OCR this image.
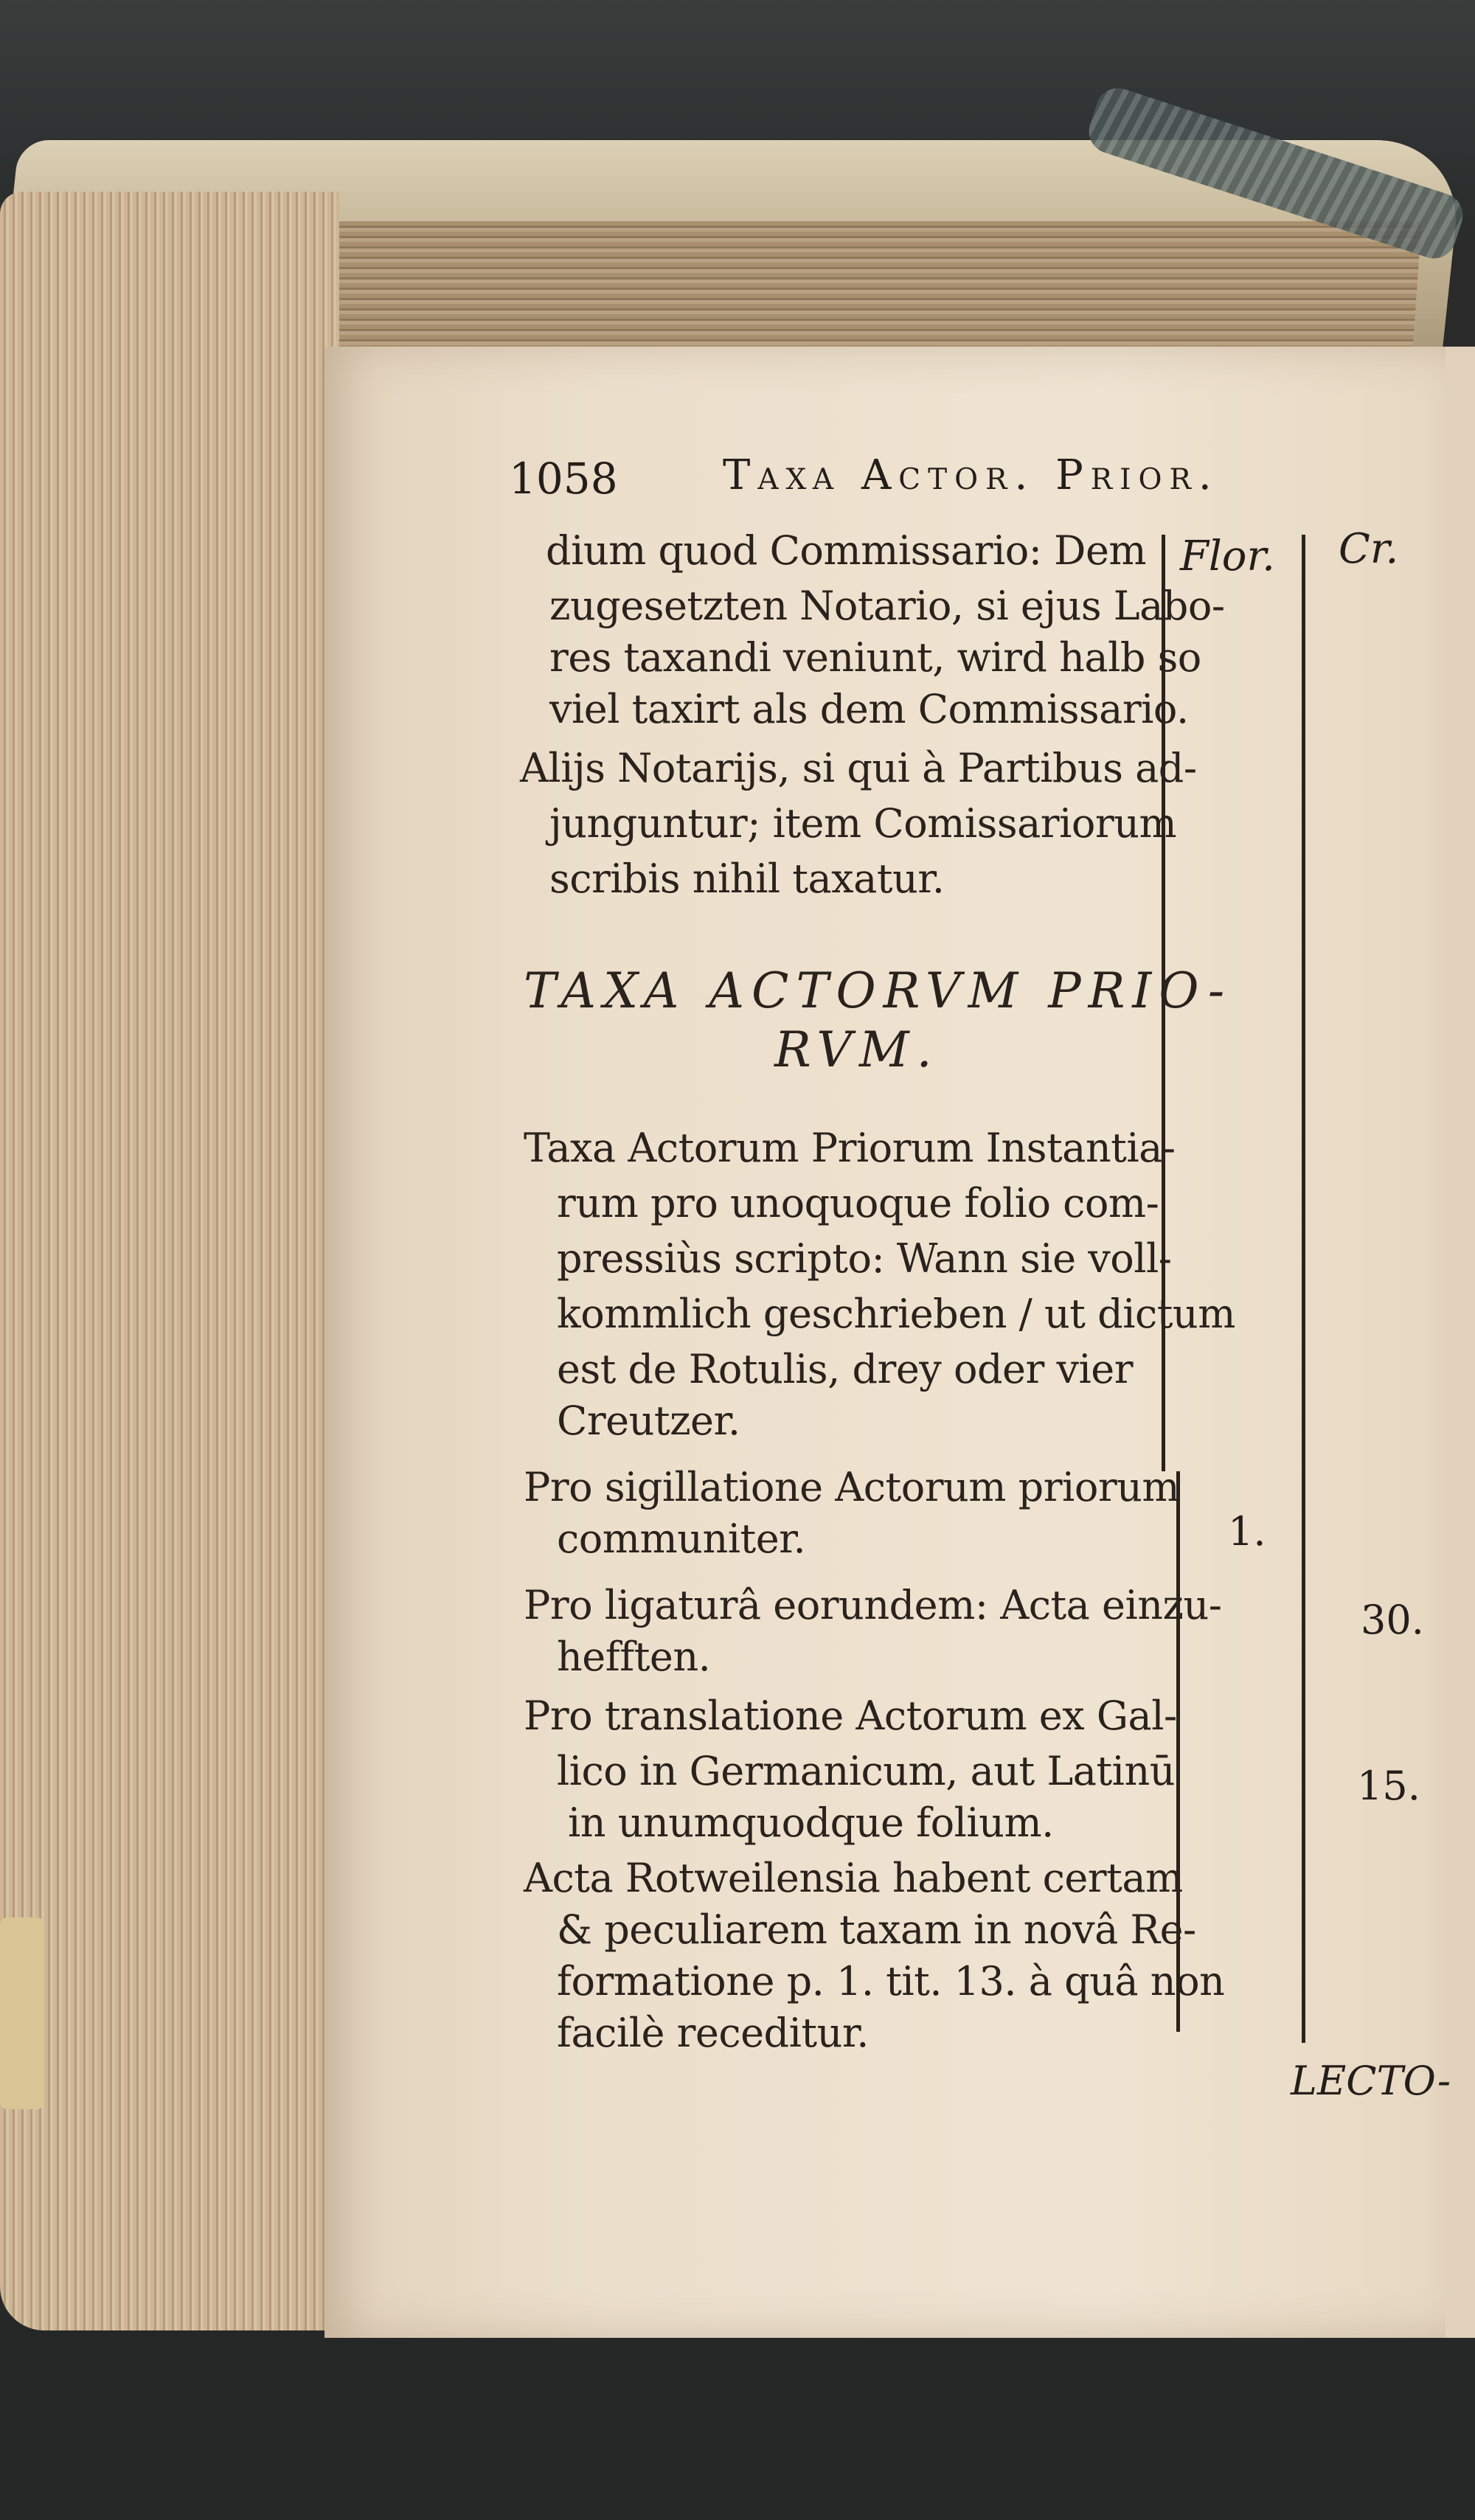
1058	Taxa Actor. Prior.
Flor. Cr.
dium quod Commissario: Dem
zugesetzten Notario, si ejus Labo-
res taxandi veniunt, wird halb so
viel taxirt als dem Commissario.
Alijs Notarijs, si qui à Partibus ad-
junguntur; item Comissariorum
scribis nihil taxatur.
TAXA ACTORVM PRIO-
RVM.
Taxa Actorum Priorum Instantia-
rum pro unoquoque folio com-
pressiùs scripto: Wann sie voll-
kommlich geschrieben / ut dictum
est de Rotulis, drey oder vier
Creutzer.
Pro sigillatione Actorum priorum
communiter.	1.
Pro ligaturâ eorundem: Acta einzu-
hefften.
30.
Pro translatione Actorum ex Gal-
lico in Germanicum, aut Latinū
in unumquodque folium.
15.
Acta Rotweilensia habent certam
& peculiarem taxam in novâ Re-
formatione p. 1. tit. 13. à quâ non
facilè receditur.
LECTO-
